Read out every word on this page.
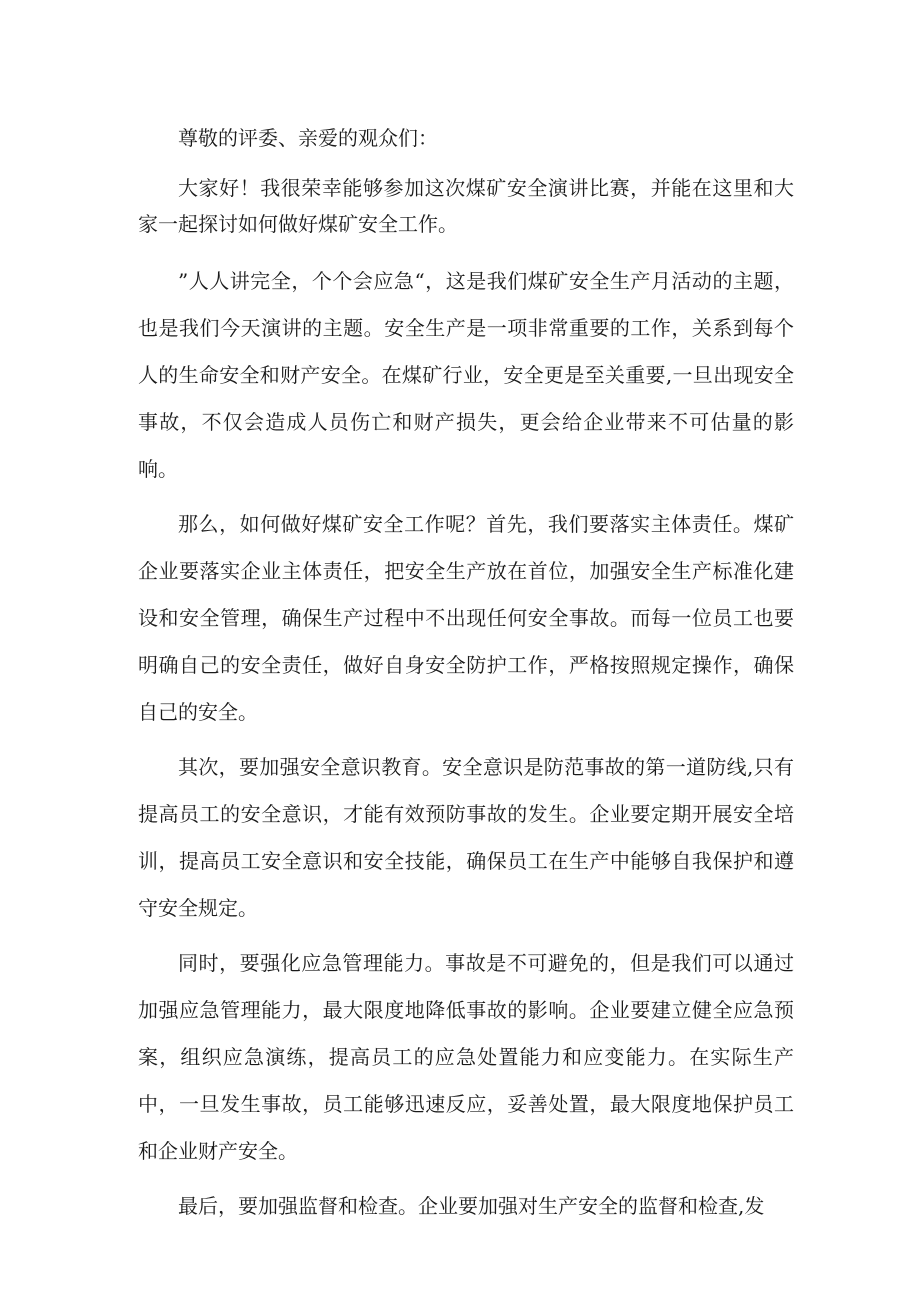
尊敬的评委、亲爱的观众们：

大家好！我很荣幸能够参加这次煤矿安全演讲比赛，并能在这里和大家一起探讨如何做好煤矿安全工作。

”人人讲完全，个个会应急“，这是我们煤矿安全生产月活动的主题，也是我们今天演讲的主题。安全生产是一项非常重要的工作，关系到每个人的生命安全和财产安全。在煤矿行业，安全更是至关重要,一旦出现安全事故，不仅会造成人员伤亡和财产损失，更会给企业带来不可估量的影响。

那么，如何做好煤矿安全工作呢？首先，我们要落实主体责任。煤矿企业要落实企业主体责任，把安全生产放在首位，加强安全生产标准化建设和安全管理，确保生产过程中不出现任何安全事故。而每一位员工也要明确自己的安全责任，做好自身安全防护工作，严格按照规定操作，确保自己的安全。

其次，要加强安全意识教育。安全意识是防范事故的第一道防线,只有提高员工的安全意识，才能有效预防事故的发生。企业要定期开展安全培训，提高员工安全意识和安全技能，确保员工在生产中能够自我保护和遵守安全规定。

同时，要强化应急管理能力。事故是不可避免的，但是我们可以通过加强应急管理能力，最大限度地降低事故的影响。企业要建立健全应急预案，组织应急演练，提高员工的应急处置能力和应变能力。在实际生产中，一旦发生事故，员工能够迅速反应，妥善处置，最大限度地保护员工和企业财产安全。

最后，要加强监督和检查。企业要加强对生产安全的监督和检查,发
